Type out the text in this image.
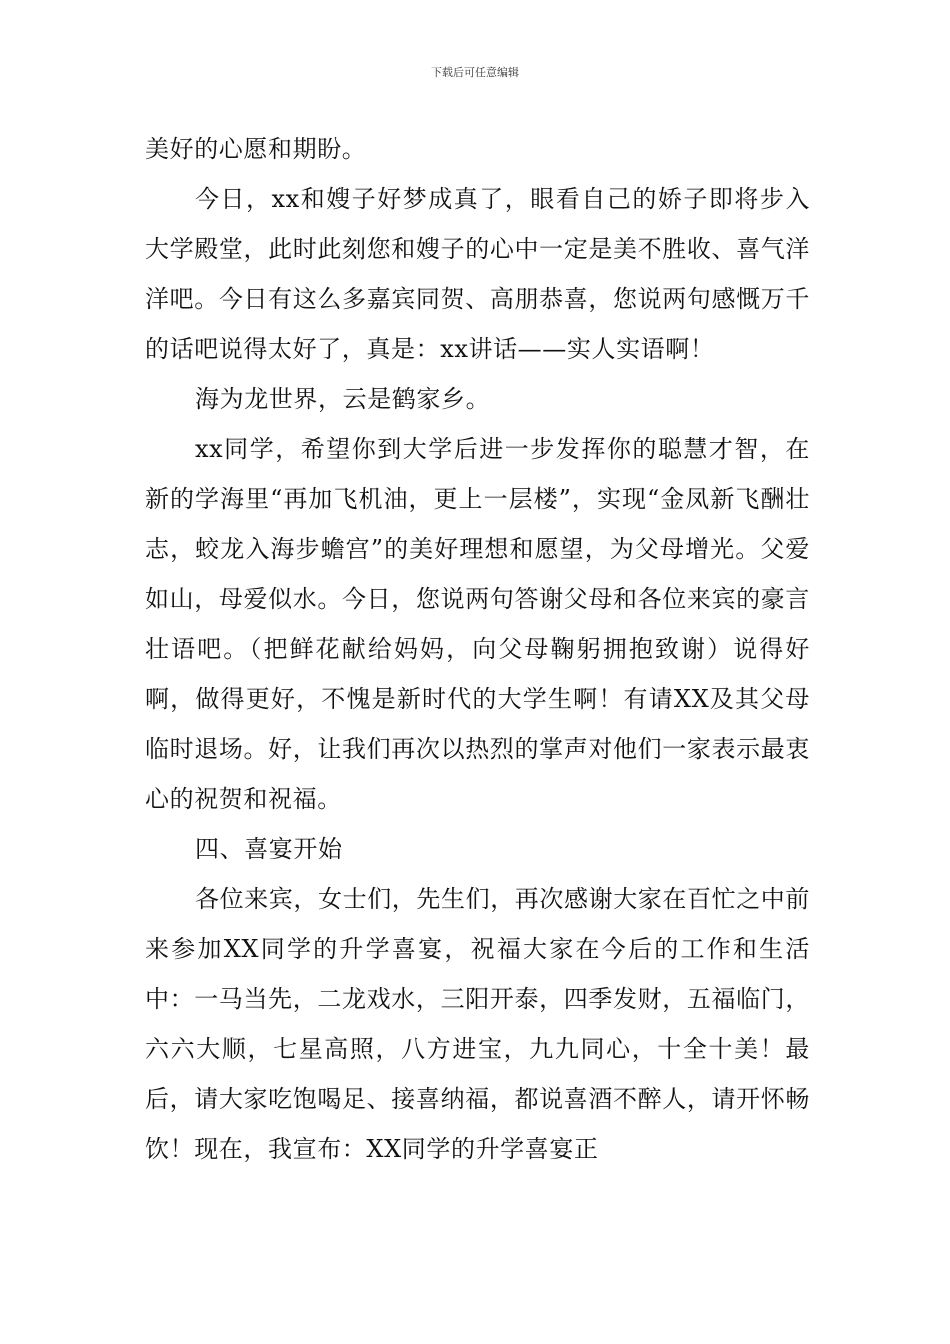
下载后可任意编辑

美好的心愿和期盼。

今日，xx和嫂子好梦成真了，眼看自己的娇子即将步入大学殿堂，此时此刻您和嫂子的心中一定是美不胜收、喜气洋洋吧。今日有这么多嘉宾同贺、高朋恭喜，您说两句感慨万千的话吧说得太好了，真是：xx讲话——实人实语啊！

海为龙世界，云是鹤家乡。

xx同学，希望你到大学后进一步发挥你的聪慧才智，在新的学海里“再加飞机油，更上一层楼”，实现“金凤新飞酬壮志，蛟龙入海步蟾宫”的美好理想和愿望，为父母增光。父爱如山，母爱似水。今日，您说两句答谢父母和各位来宾的豪言壮语吧。（把鲜花献给妈妈，向父母鞠躬拥抱致谢）说得好啊，做得更好，不愧是新时代的大学生啊！有请XX及其父母临时退场。好，让我们再次以热烈的掌声对他们一家表示最衷心的祝贺和祝福。

四、喜宴开始

各位来宾，女士们，先生们，再次感谢大家在百忙之中前来参加XX同学的升学喜宴，祝福大家在今后的工作和生活中：一马当先，二龙戏水，三阳开泰，四季发财，五福临门，六六大顺，七星高照，八方进宝，九九同心，十全十美！最后，请大家吃饱喝足、接喜纳福，都说喜酒不醉人，请开怀畅饮！现在，我宣布：XX同学的升学喜宴正
